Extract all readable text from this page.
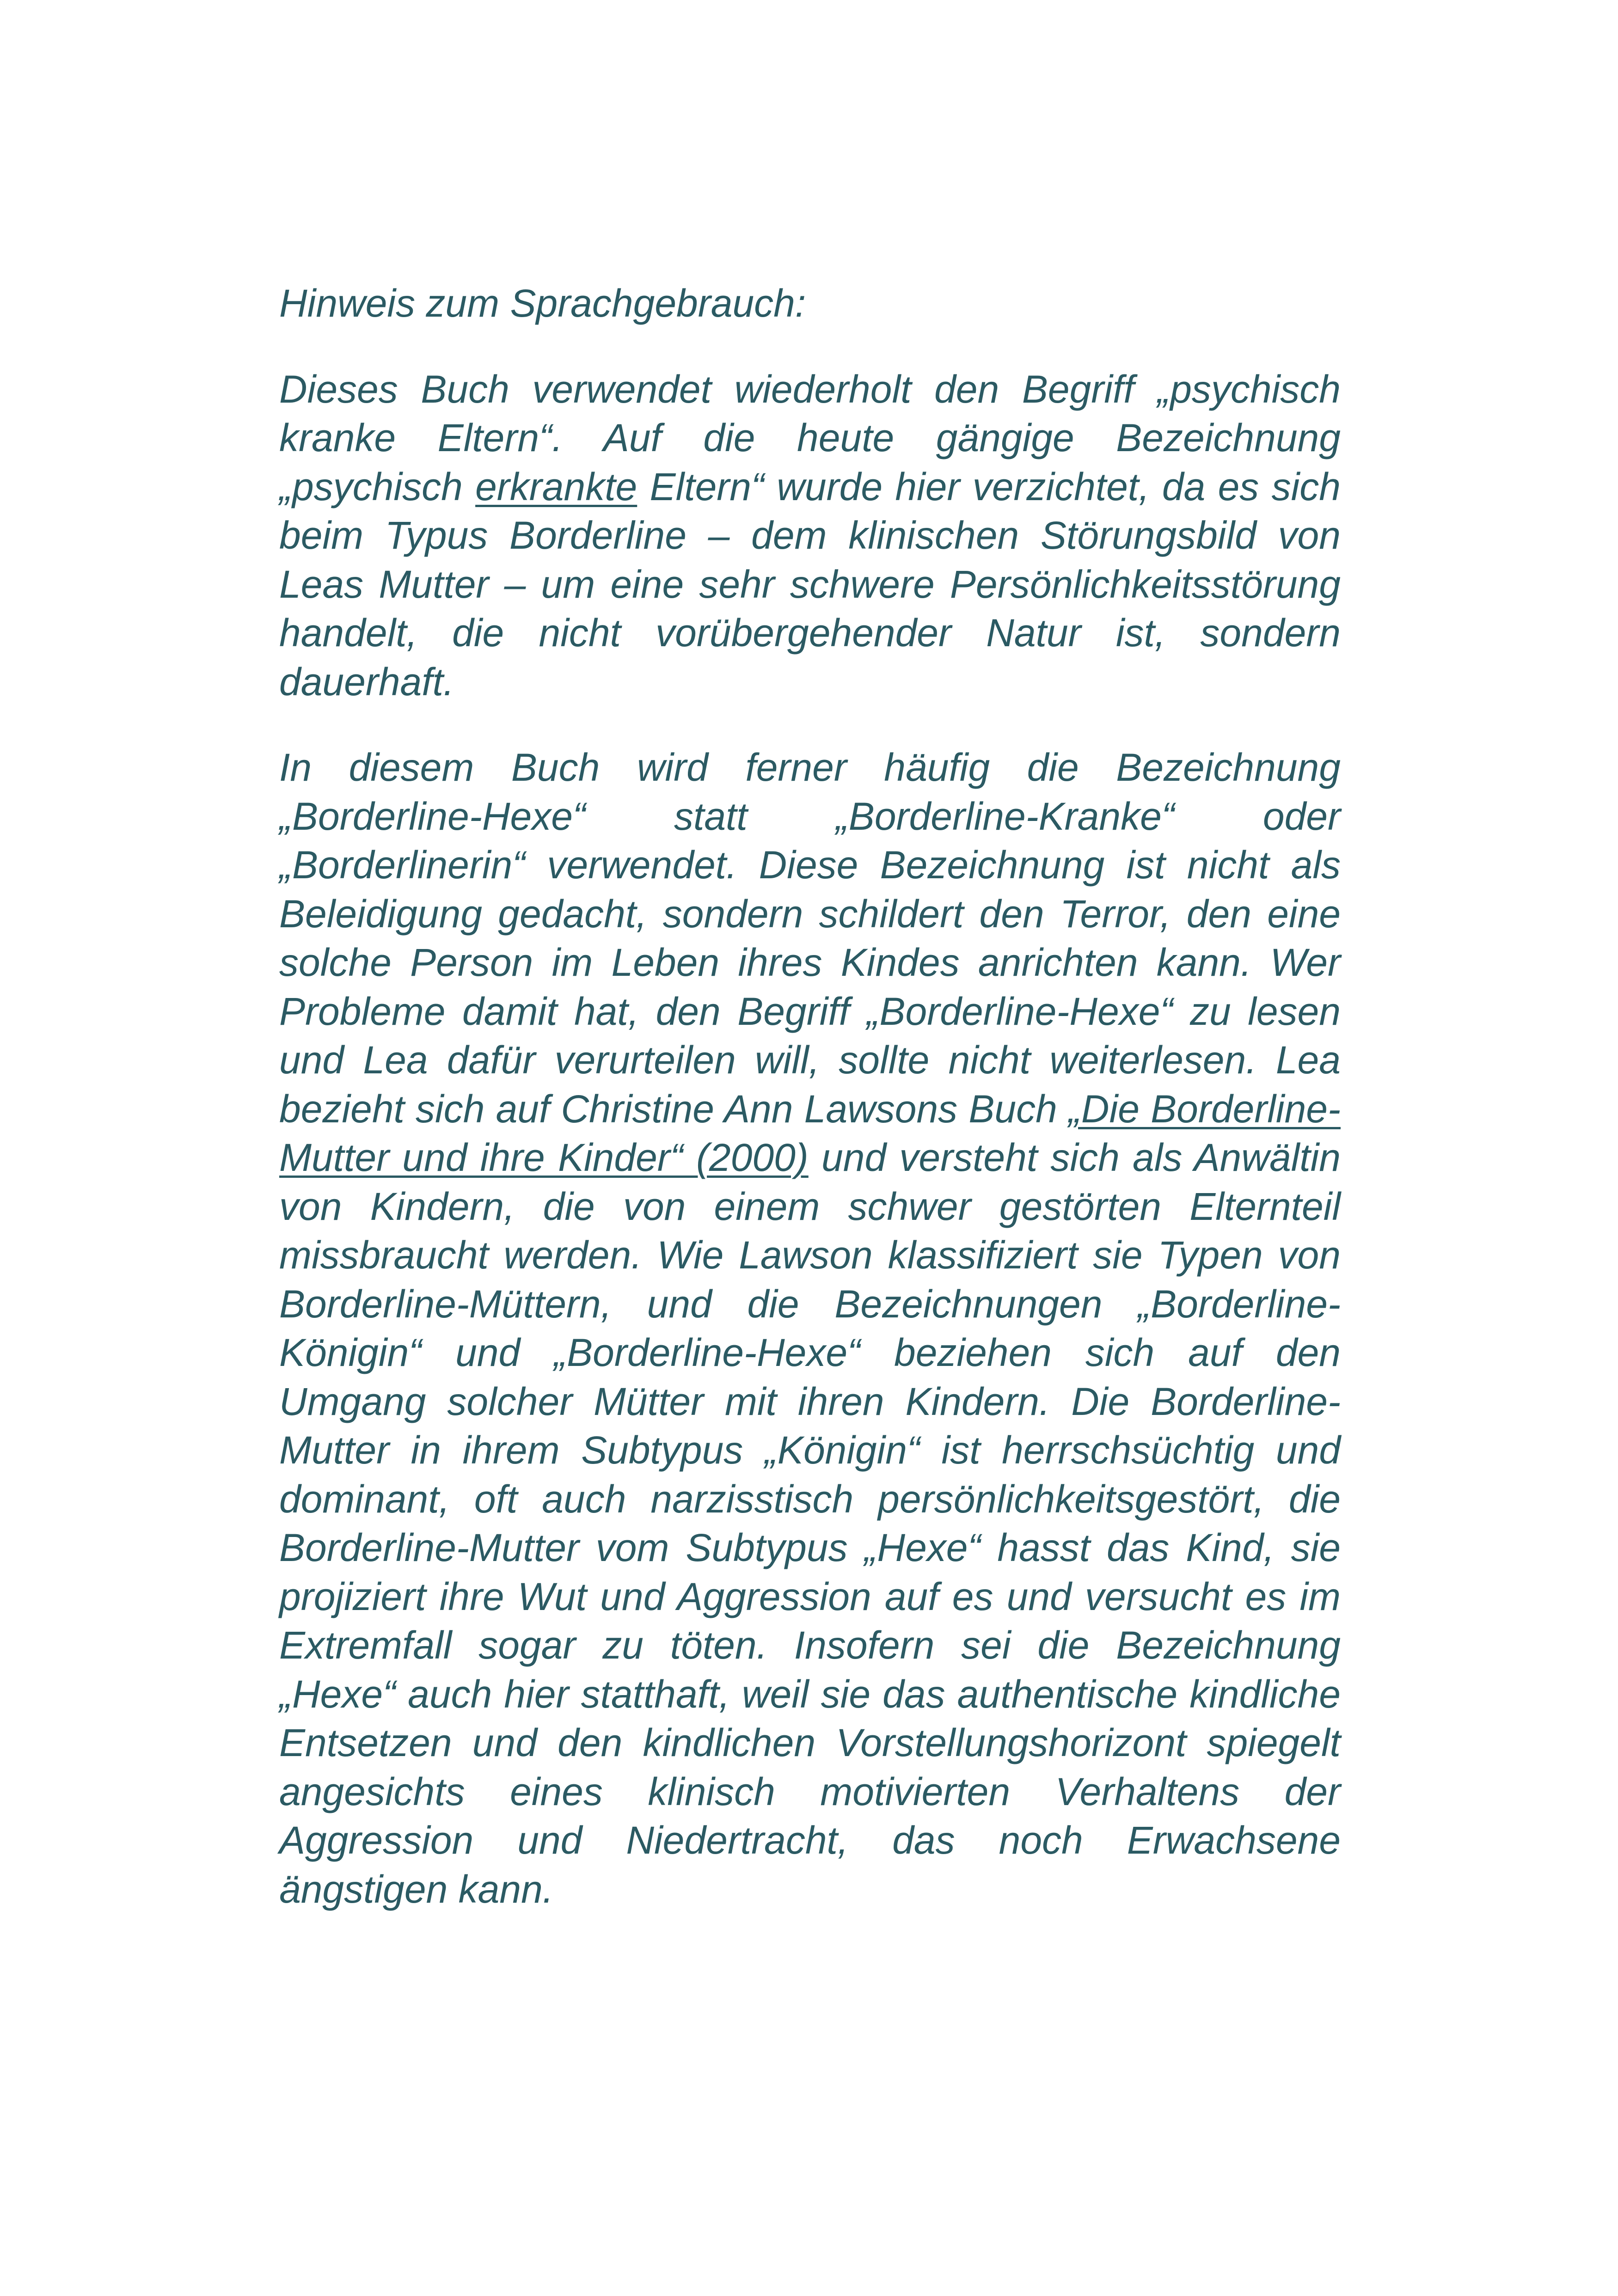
Hinweis zum Sprachgebrauch:

Dieses Buch verwendet wiederholt den Begriff „psychisch kranke Eltern“. Auf die heute gängige Bezeichnung „psychisch erkrankte Eltern“ wurde hier verzichtet, da es sich beim Typus Borderline – dem klinischen Störungsbild von Leas Mutter – um eine sehr schwere Persönlichkeitsstörung handelt, die nicht vorübergehender Natur ist, sondern dauerhaft.

In diesem Buch wird ferner häufig die Bezeichnung „Borderline-Hexe“ statt „Borderline-Kranke“ oder „Borderlinerin“ verwendet. Diese Bezeichnung ist nicht als Beleidigung gedacht, sondern schildert den Terror, den eine solche Person im Leben ihres Kindes anrichten kann. Wer Probleme damit hat, den Begriff „Borderline-Hexe“ zu lesen und Lea dafür verurteilen will, sollte nicht weiterlesen. Lea bezieht sich auf Christine Ann Lawsons Buch „Die Borderline-Mutter und ihre Kinder“ (2000) und versteht sich als Anwältin von Kindern, die von einem schwer gestörten Elternteil missbraucht werden. Wie Lawson klassifiziert sie Typen von Borderline-Müttern, und die Bezeichnungen „Borderline-Königin“ und „Borderline-Hexe“ beziehen sich auf den Umgang solcher Mütter mit ihren Kindern. Die Borderline-Mutter in ihrem Subtypus „Königin“ ist herrschsüchtig und dominant, oft auch narzisstisch persönlichkeitsgestört, die Borderline-Mutter vom Subtypus „Hexe“ hasst das Kind, sie projiziert ihre Wut und Aggression auf es und versucht es im Extremfall sogar zu töten. Insofern sei die Bezeichnung „Hexe“ auch hier statthaft, weil sie das authentische kindliche Entsetzen und den kindlichen Vorstellungshorizont spiegelt angesichts eines klinisch motivierten Verhaltens der Aggression und Niedertracht, das noch Erwachsene ängstigen kann.
